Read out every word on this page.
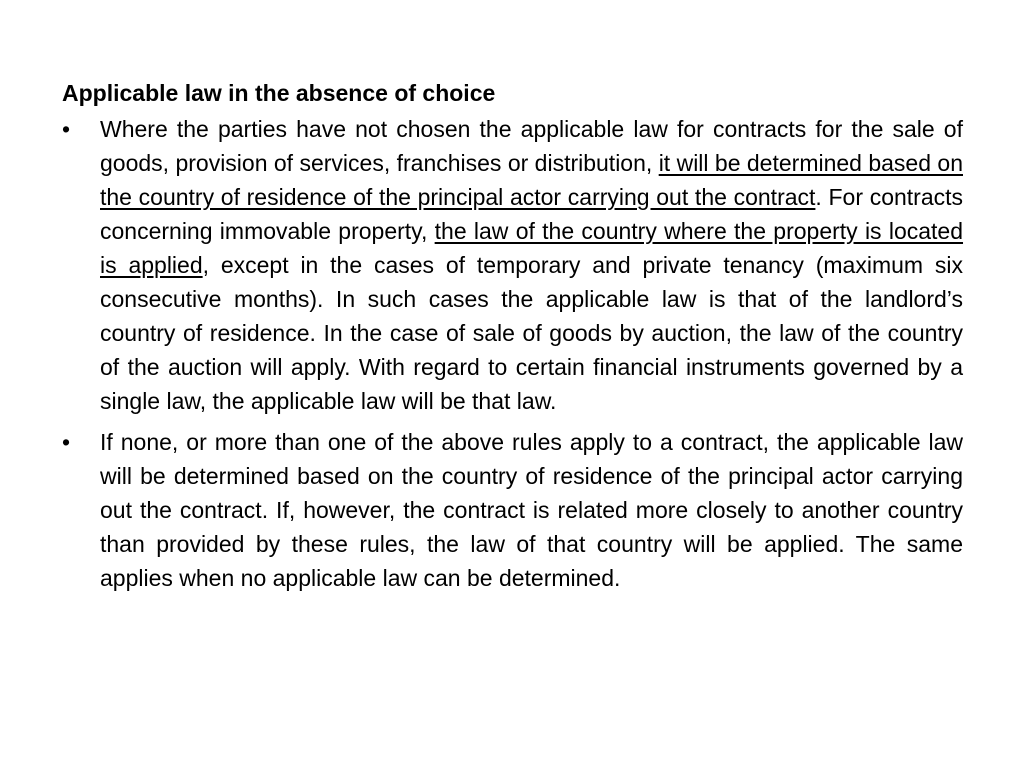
Applicable law in the absence of choice
•	Where the parties have not chosen the applicable law for contracts for the sale of goods, provision of services, franchises or distribution, it will be determined based on the country of residence of the principal actor carrying out the contract. For contracts concerning immovable property, the law of the country where the property is located is applied, except in the cases of temporary and private tenancy (maximum six consecutive months). In such cases the applicable law is that of the landlord’s country of residence. In the case of sale of goods by auction, the law of the country of the auction will apply. With regard to certain financial instruments governed by a single law, the applicable law will be that law.
•	If none, or more than one of the above rules apply to a contract, the applicable law will be determined based on the country of residence of the principal actor carrying out the contract. If, however, the contract is related more closely to another country than provided by these rules, the law of that country will be applied. The same applies when no applicable law can be determined.
